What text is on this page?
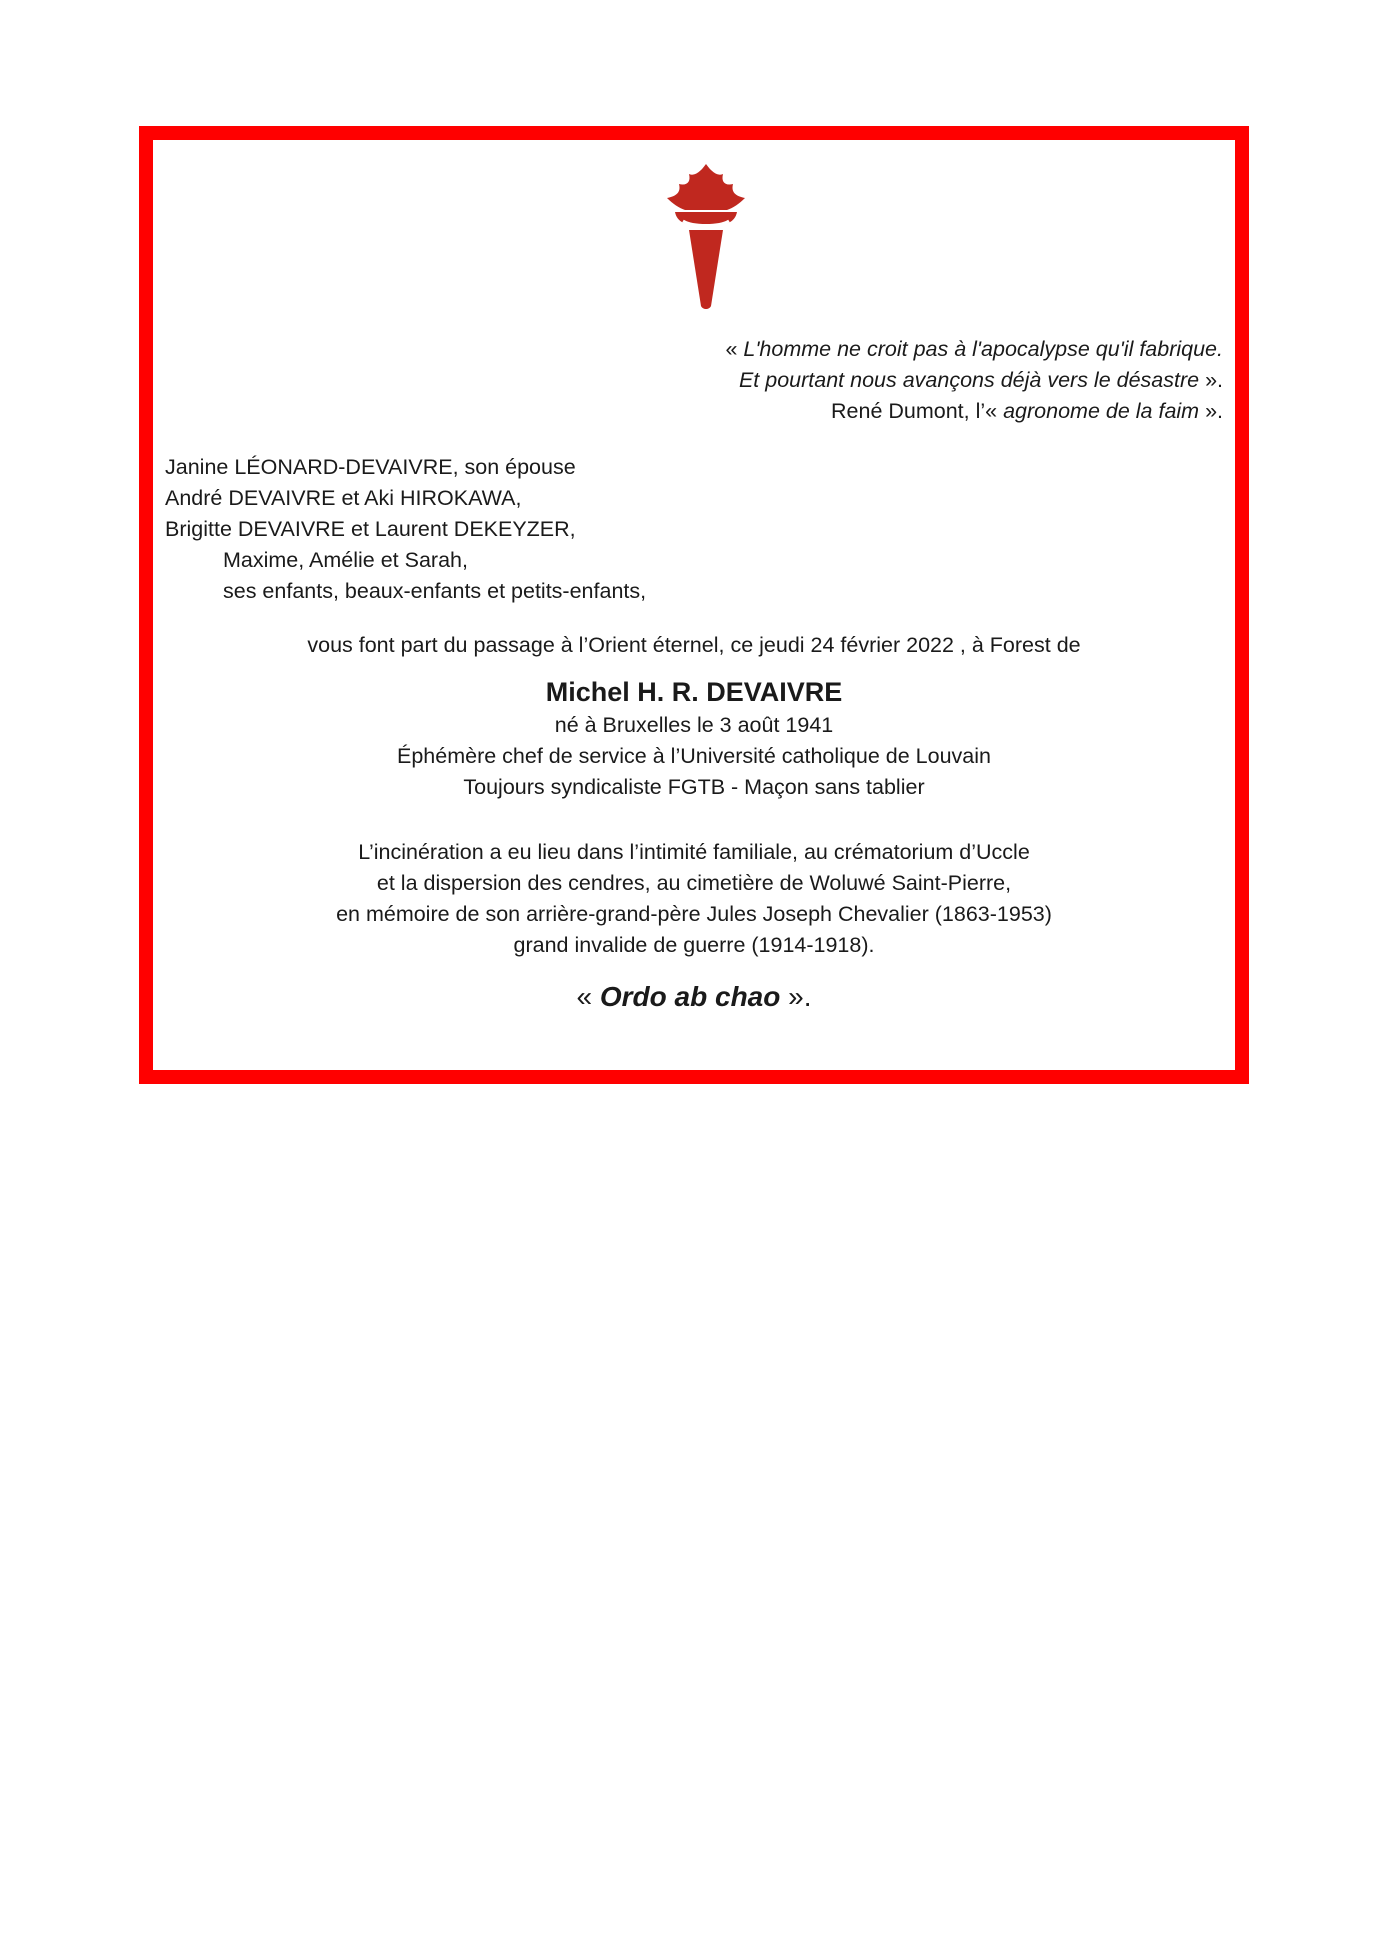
« L'homme ne croit pas à l'apocalypse qu'il fabrique.
Et pourtant nous avançons déjà vers le désastre ».
René Dumont, l’« agronome de la faim ».
Janine LÉONARD-DEVAIVRE, son épouse
André DEVAIVRE et Aki HIROKAWA,
Brigitte DEVAIVRE et Laurent DEKEYZER,
Maxime, Amélie et Sarah,
ses enfants, beaux-enfants et petits-enfants,
vous font part du passage à l’Orient éternel, ce jeudi 24 février 2022 , à Forest de
Michel H. R. DEVAIVRE
né à Bruxelles le 3 août 1941
Éphémère chef de service à l’Université catholique de Louvain
Toujours syndicaliste FGTB - Maçon sans tablier
L’incinération a eu lieu dans l’intimité familiale, au crématorium d’Uccle
et la dispersion des cendres, au cimetière de Woluwé Saint-Pierre,
en mémoire de son arrière-grand-père Jules Joseph Chevalier (1863-1953)
grand invalide de guerre (1914-1918).
« Ordo ab chao ».
